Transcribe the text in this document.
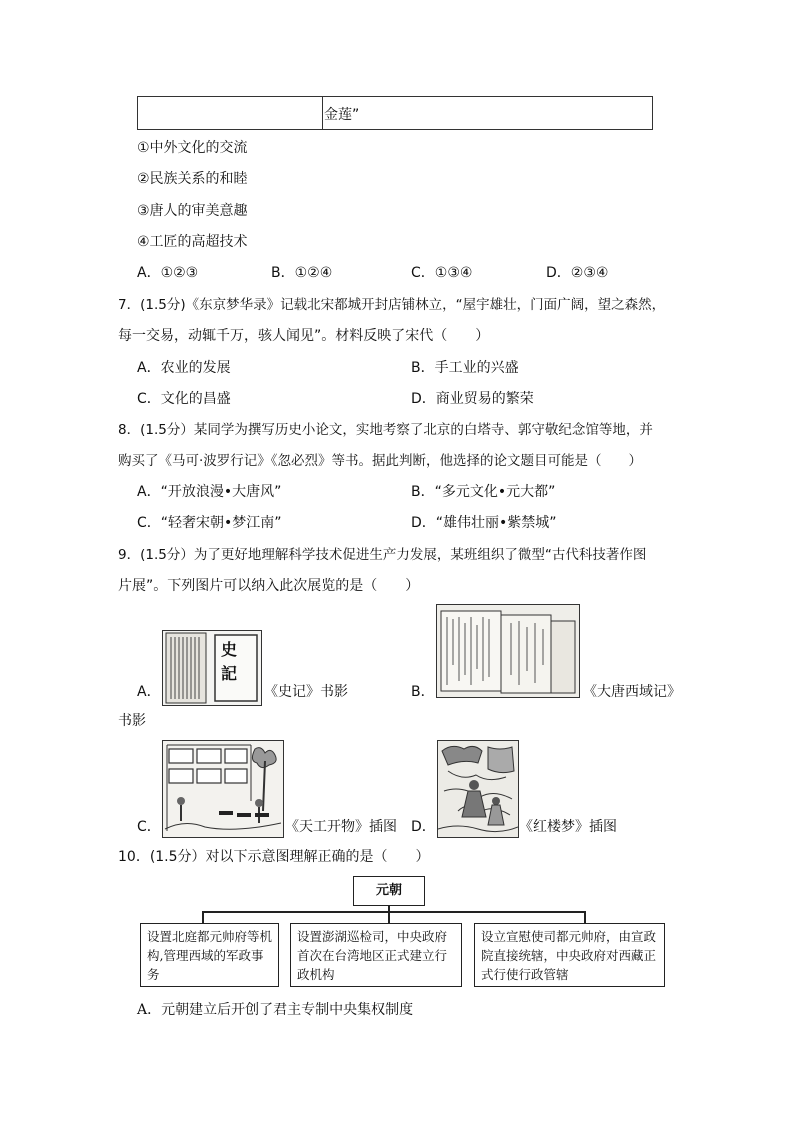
金莲”
①中外文化的交流
②民族关系的和睦
③唐人的审美意趣
④工匠的高超技术
A．①②③	B．①②④	C．①③④	D．②③④
7．(1.5分)《东京梦华录》记载北宋都城开封店铺林立，“屋宇雄壮，门面广阔，望之森然，
每一交易，动辄千万，骇人闻见”。材料反映了宋代（　　）
A．农业的发展	B．手工业的兴盛
C．文化的昌盛	D．商业贸易的繁荣
8．(1.5分）某同学为撰写历史小论文，实地考察了北京的白塔寺、郭守敬纪念馆等地，并
购买了《马可·波罗行记》《忽必烈》等书。据此判断，他选择的论文题目可能是（　　）
A．“开放浪漫•大唐风”	B．“多元文化•元大都”
C．“轻奢宋朝•梦江南”	D．“雄伟壮丽•紫禁城”
9．(1.5分）为了更好地理解科学技术促进生产力发展，某班组织了微型“古代科技著作图
片展”。下列图片可以纳入此次展览的是（　　）
史
記
A．	《史记》书影	B．	《大唐西域记》
书影
C．	《天工开物》插图 D．	《红楼梦》插图
10．(1.5分）对以下示意图理解正确的是（　　）
元朝
设置北庭都元帅府等机构,管理西域的军政事务
设置澎湖巡检司，中央政府首次在台湾地区正式建立行政机构
设立宣慰使司都元帅府，由宣政院直接统辖，中央政府对西藏正式行使行政管辖
A．元朝建立后开创了君主专制中央集权制度
